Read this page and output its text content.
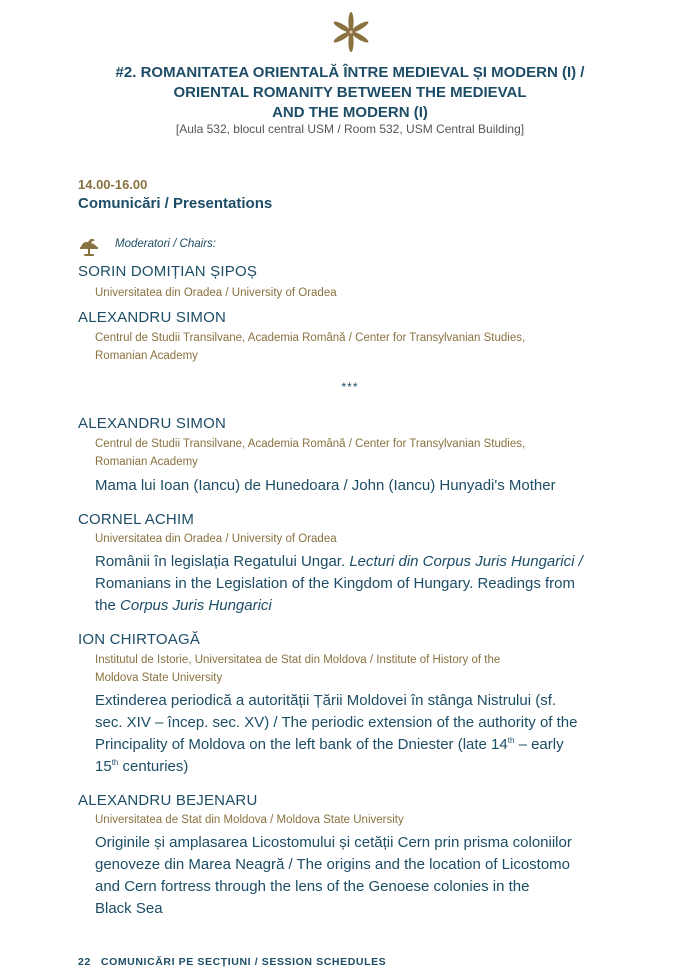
#2. ROMANITATEA ORIENTALĂ ÎNTRE MEDIEVAL ȘI MODERN (I) /
ORIENTAL ROMANITY BETWEEN THE MEDIEVAL
AND THE MODERN (I)
[Aula 532, blocul central USM / Room 532, USM Central Building]
14.00-16.00
Comunicări / Presentations
Moderatori / Chairs:
SORIN DOMIȚIAN ȘIPOȘ
Universitatea din Oradea / University of Oradea
ALEXANDRU SIMON
Centrul de Studii Transilvane, Academia Română / Center for Transylvanian Studies,
Romanian Academy
***
ALEXANDRU SIMON
Centrul de Studii Transilvane, Academia Română / Center for Transylvanian Studies,
Romanian Academy
Mama lui Ioan (Iancu) de Hunedoara / John (Iancu) Hunyadi's Mother
CORNEL ACHIM
Universitatea din Oradea / University of Oradea
Românii în legislația Regatului Ungar. Lecturi din Corpus Juris Hungarici /
Romanians in the Legislation of the Kingdom of Hungary. Readings from
the Corpus Juris Hungarici
ION CHIRTOAGĂ
Institutul de Istorie, Universitatea de Stat din Moldova / Institute of History of the
Moldova State University
Extinderea periodică a autorității Țării Moldovei în stânga Nistrului (sf.
sec. XIV – încep. sec. XV) / The periodic extension of the authority of the
Principality of Moldova on the left bank of the Dniester (late 14th – early
15th centuries)
ALEXANDRU BEJENARU
Universitatea de Stat din Moldova / Moldova State University
Originile și amplasarea Licostomului și cetății Cern prin prisma coloniilor
genoveze din Marea Neagră / The origins and the location of Licostomo
and Cern fortress through the lens of the Genoese colonies in the
Black Sea
22 COMUNICĂRI PE SECȚIUNI / SESSION SCHEDULES
